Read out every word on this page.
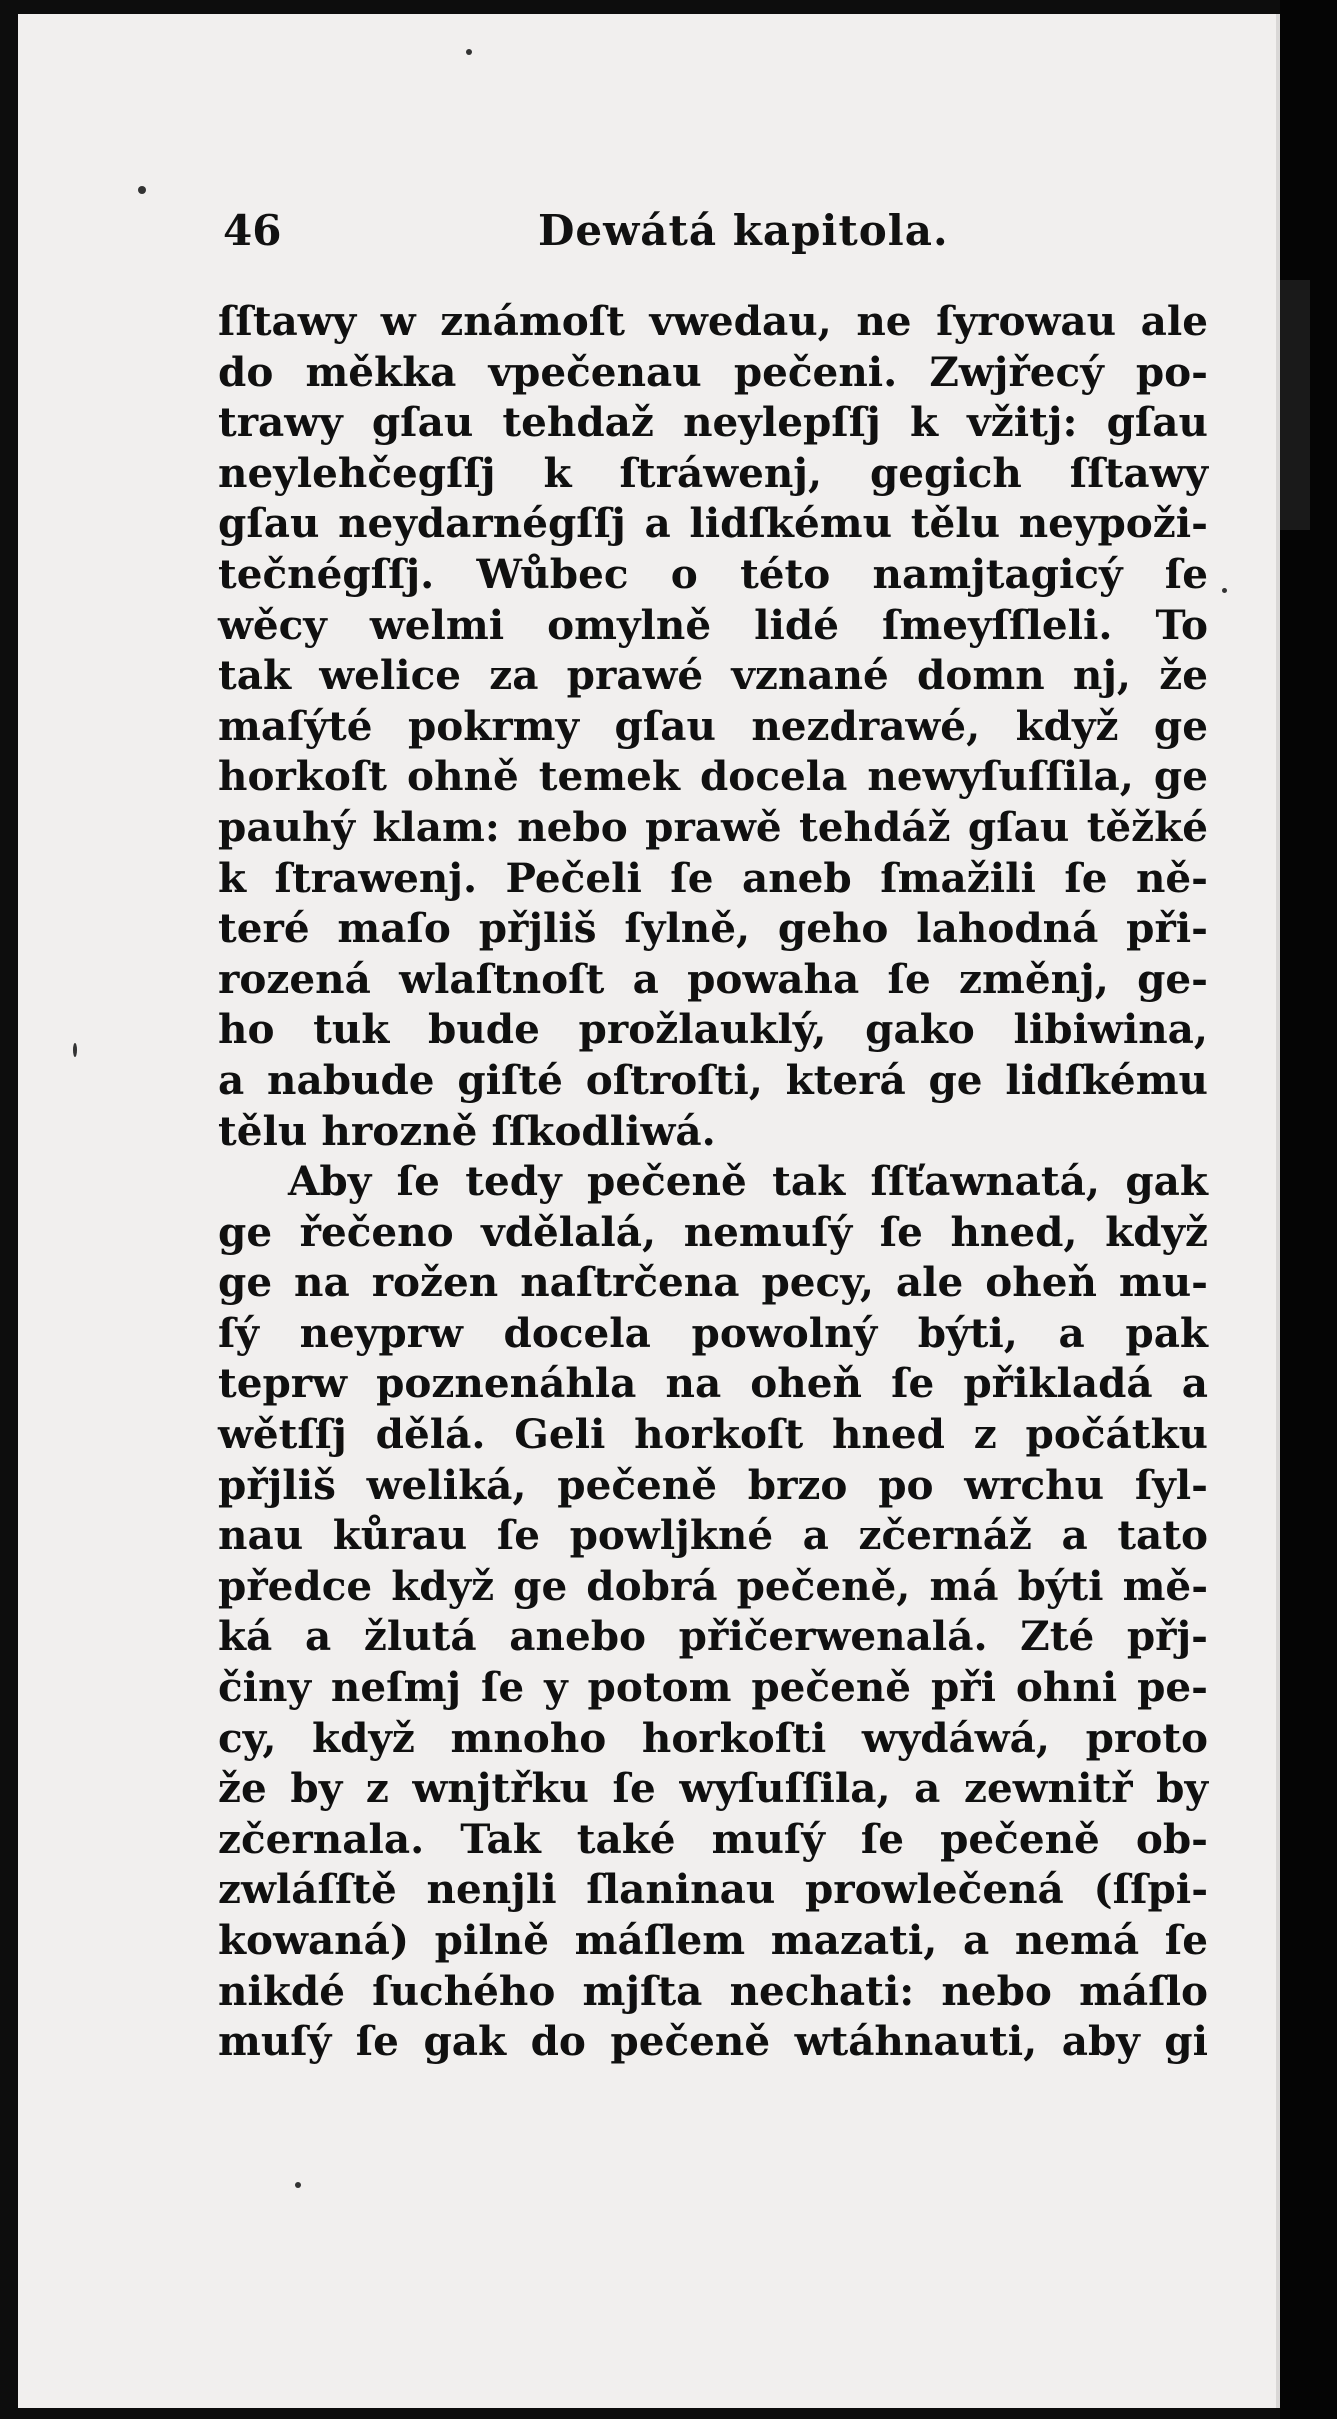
46	Dewátá kapitola.
ſſtawy w známoſt vwedau, ne ſyrowau ale
do měkka vpečenau pečeni. Zwjřecý po-
trawy gſau tehdaž neylepſſj k vžitj: gſau
neylehčegſſj k ſtráwenj, gegich ſſtawy
gſau neydarnégſſj a lidſkému tělu neypoži-
tečnégſſj. Wůbec o této namjtagicý ſe
wěcy welmi omylně lidé ſmeyſſleli. To
tak welice za prawé vznané domn nj, že
maſýté pokrmy gſau nezdrawé, když ge
horkoſt ohně temek docela newyſuſſila, ge
pauhý klam: nebo prawě tehdáž gſau těžké
k ſtrawenj. Pečeli ſe aneb ſmažili ſe ně-
teré maſo přjliš ſylně, geho lahodná při-
rozená wlaſtnoſt a powaha ſe změnj, ge-
ho tuk bude prožlauklý, gako libiwina,
a nabude giſté oſtroſti, která ge lidſkému
tělu hrozně ſſkodliwá.
Aby ſe tedy pečeně tak ſſťawnatá, gak
ge řečeno vdělalá, nemuſý ſe hned, když
ge na rožen naſtrčena pecy, ale oheň mu-
ſý neyprw docela powolný býti, a pak
teprw poznenáhla na oheň ſe přikladá a
wětſſj dělá. Geli horkoſt hned z počátku
přjliš weliká, pečeně brzo po wrchu ſyl-
nau kůrau ſe powljkné a zčernáž a tato
předce když ge dobrá pečeně, má býti mě-
ká a žlutá anebo přičerwenalá. Zté přj-
činy neſmj ſe y potom pečeně při ohni pe-
cy, když mnoho horkoſti wydáwá, proto
že by z wnjtřku ſe wyſuſſila, a zewnitř by
zčernala. Tak také muſý ſe pečeně ob-
zwláſſtě nenjli ſlaninau prowlečená (ſſpi-
kowaná) pilně máſlem mazati, a nemá ſe
nikdé ſuchého mjſta nechati: nebo máſlo
muſý ſe gak do pečeně wtáhnauti, aby gi
